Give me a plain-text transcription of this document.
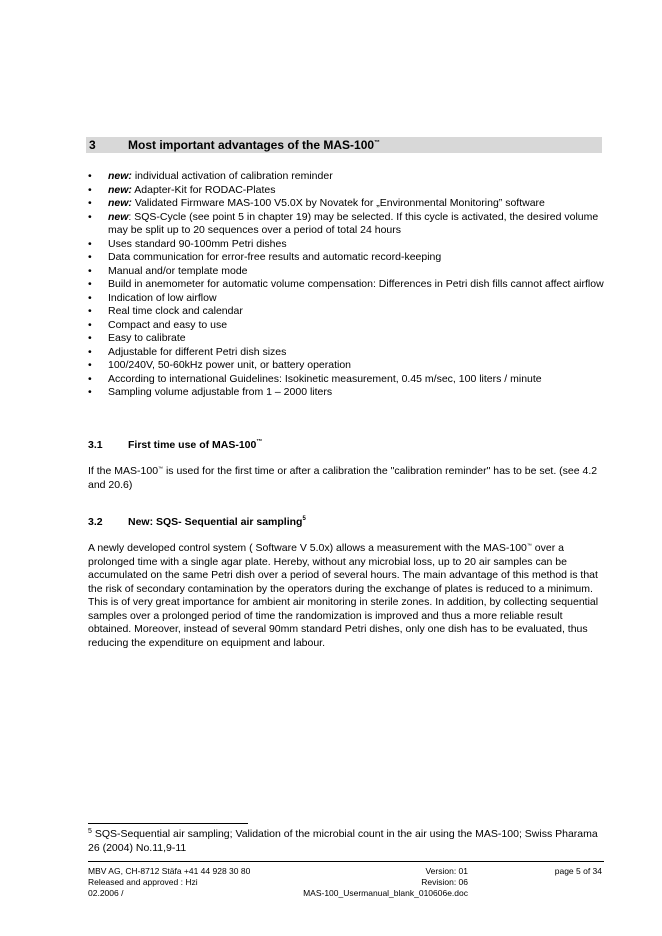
3	Most important advantages of the MAS-100™
• new: individual activation of calibration reminder
• new: Adapter-Kit for RODAC-Plates
• new: Validated Firmware MAS-100 V5.0X by Novatek for „Environmental Monitoring” software
• new: SQS-Cycle (see point 5 in chapter 19) may be selected. If this cycle is activated, the desired volume may be split up to 20 sequences over a period of total 24 hours
• Uses standard 90-100mm Petri dishes
• Data communication for error-free results and automatic record-keeping
• Manual and/or template mode
• Build in anemometer for automatic volume compensation: Differences in Petri dish fills cannot affect airflow
• Indication of low airflow
• Real time clock and calendar
• Compact and easy to use
• Easy to calibrate
• Adjustable for different Petri dish sizes
• 100/240V, 50-60kHz power unit, or battery operation
• According to international Guidelines: Isokinetic measurement, 0.45 m/sec, 100 liters / minute
• Sampling volume adjustable from 1 – 2000 liters
3.1 First time use of MAS-100™

If the MAS-100™ is used for the first time or after a calibration the "calibration reminder" has to be set. (see 4.2 and 20.6)

3.2 New: SQS- Sequential air sampling$^5$

A newly developed control system ( Software V 5.0x) allows a measurement with the MAS-100™ over a prolonged time with a single agar plate. Hereby, without any microbial loss, up to 20 air samples can be accumulated on the same Petri dish over a period of several hours. The main advantage of this method is that the risk of secondary contamination by the operators during the exchange of plates is reduced to a minimum. This is of very great importance for ambient air monitoring in sterile zones. In addition, by collecting sequential samples over a prolonged period of time the randomization is improved and thus a more reliable result obtained. Moreover, instead of several 90mm standard Petri dishes, only one dish has to be evaluated, thus reducing the expenditure on equipment and labour.

$^5$ SQS-Sequential air sampling; Validation of the microbial count in the air using the MAS-100; Swiss Pharama 26 (2004) No.11,9-11

MBV AG, CH-8712 Stäfa +41 44 928 30 80
Released and approved : Hzi
02.2006 /
Version: 01
Revision: 06
MAS-100_Usermanual_blank_010606e.doc
page 5 of 34
